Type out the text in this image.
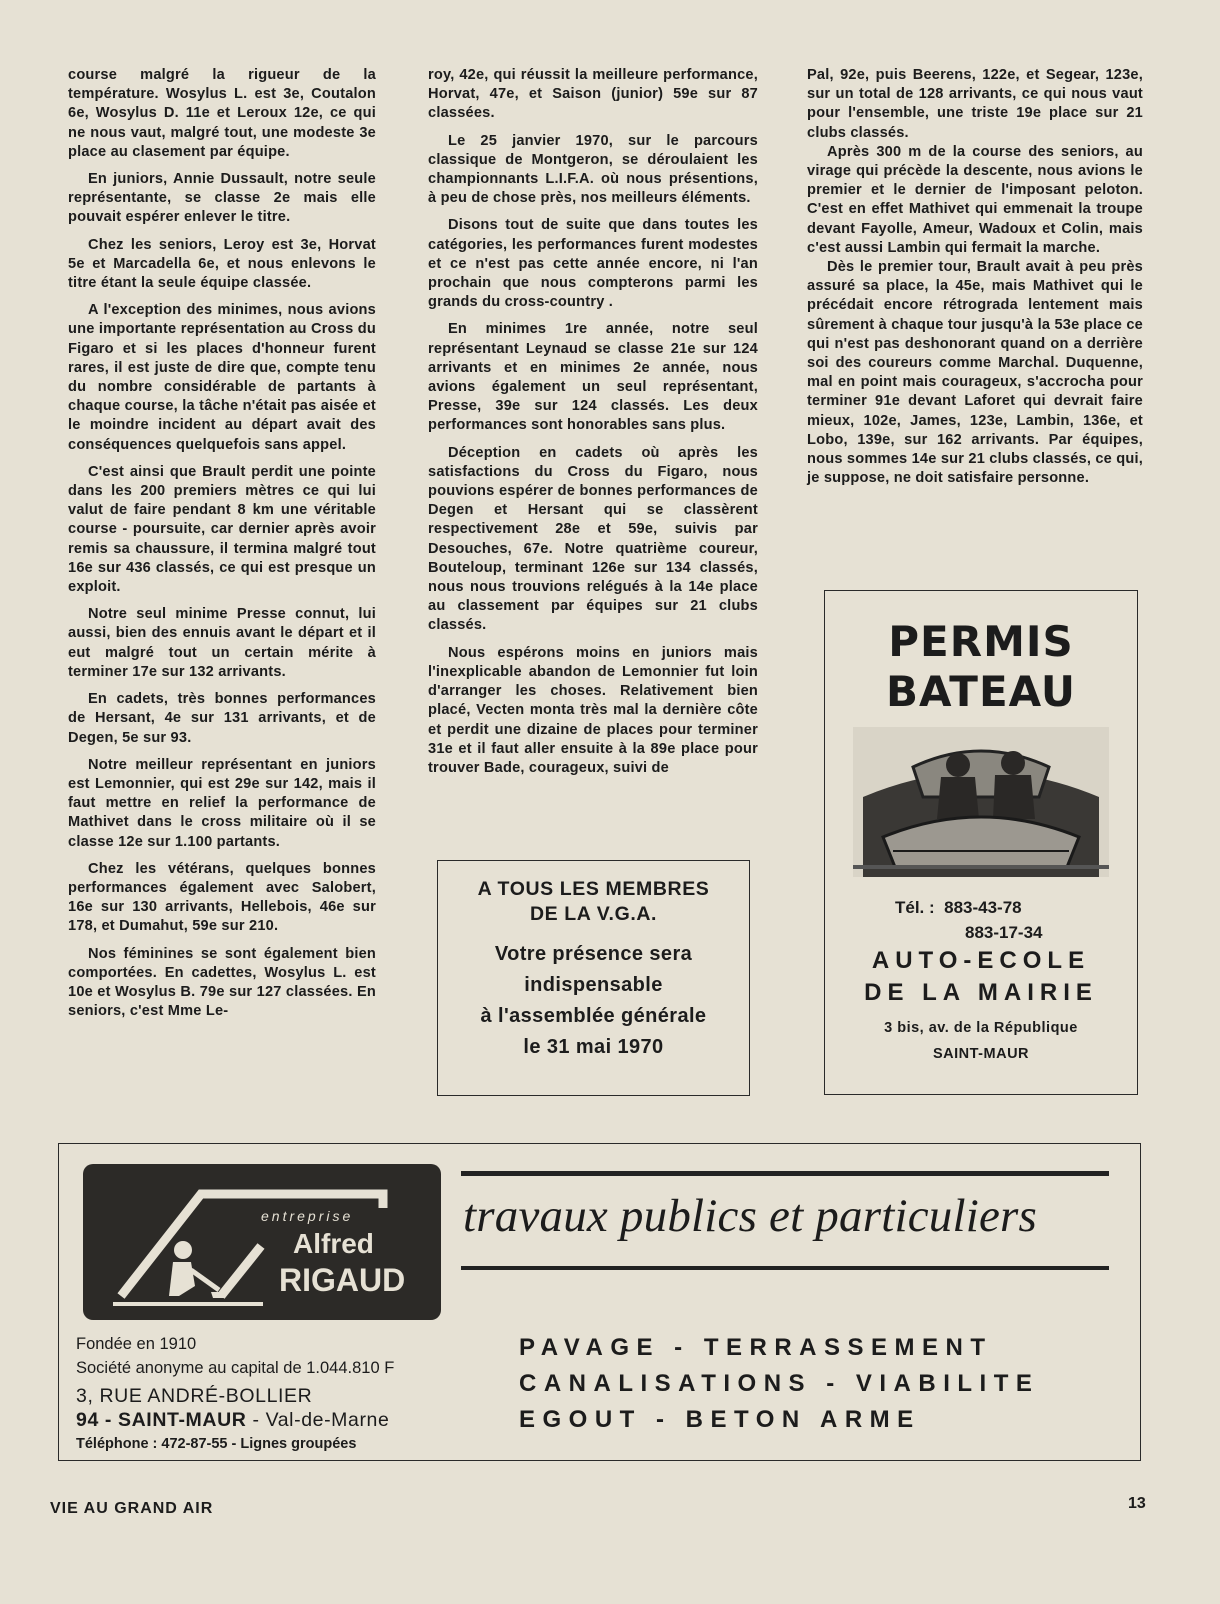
course malgré la rigueur de la température. Wosylus L. est 3e, Coutalon 6e, Wosylus D. 11e et Leroux 12e, ce qui ne nous vaut, malgré tout, une modeste 3e place au clasement par équipe.

En juniors, Annie Dussault, notre seule représentante, se classe 2e mais elle pouvait espérer enlever le titre.

Chez les seniors, Leroy est 3e, Horvat 5e et Marcadella 6e, et nous enlevons le titre étant la seule équipe classée.

A l'exception des minimes, nous avions une importante représentation au Cross du Figaro et si les places d'honneur furent rares, il est juste de dire que, compte tenu du nombre considérable de partants à chaque course, la tâche n'était pas aisée et le moindre incident au départ avait des conséquences quelquefois sans appel.

C'est ainsi que Brault perdit une pointe dans les 200 premiers mètres ce qui lui valut de faire pendant 8 km une véritable course - poursuite, car dernier après avoir remis sa chaussure, il termina malgré tout 16e sur 436 classés, ce qui est presque un exploit.

Notre seul minime Presse connut, lui aussi, bien des ennuis avant le départ et il eut malgré tout un certain mérite à terminer 17e sur 132 arrivants.

En cadets, très bonnes performances de Hersant, 4e sur 131 arrivants, et de Degen, 5e sur 93.

Notre meilleur représentant en juniors est Lemonnier, qui est 29e sur 142, mais il faut mettre en relief la performance de Mathivet dans le cross militaire où il se classe 12e sur 1.100 partants.

Chez les vétérans, quelques bonnes performances également avec Salobert, 16e sur 130 arrivants, Hellebois, 46e sur 178, et Dumahut, 59e sur 210.

Nos féminines se sont également bien comportées. En cadettes, Wosylus L. est 10e et Wosylus B. 79e sur 127 classées. En seniors, c'est Mme Le-

roy, 42e, qui réussit la meilleure performance, Horvat, 47e, et Saison (junior) 59e sur 87 classées.

Le 25 janvier 1970, sur le parcours classique de Montgeron, se déroulaient les championnants L.I.F.A. où nous présentions, à peu de chose près, nos meilleurs éléments.

Disons tout de suite que dans toutes les catégories, les performances furent modestes et ce n'est pas cette année encore, ni l'an prochain que nous compterons parmi les grands du cross-country .

En minimes 1re année, notre seul représentant Leynaud se classe 21e sur 124 arrivants et en minimes 2e année, nous avions également un seul représentant, Presse, 39e sur 124 classés. Les deux performances sont honorables sans plus.

Déception en cadets où après les satisfactions du Cross du Figaro, nous pouvions espérer de bonnes performances de Degen et Hersant qui se classèrent respectivement 28e et 59e, suivis par Desouches, 67e. Notre quatrième coureur, Bouteloup, terminant 126e sur 134 classés, nous nous trouvions relégués à la 14e place au classement par équipes sur 21 clubs classés.

Nous espérons moins en juniors mais l'inexplicable abandon de Lemonnier fut loin d'arranger les choses. Relativement bien placé, Vecten monta très mal la dernière côte et perdit une dizaine de places pour terminer 31e et il faut aller ensuite à la 89e place pour trouver Bade, courageux, suivi de

Pal, 92e, puis Beerens, 122e, et Segear, 123e, sur un total de 128 arrivants, ce qui nous vaut pour l'ensemble, une triste 19e place sur 21 clubs classés.

Après 300 m de la course des seniors, au virage qui précède la descente, nous avions le premier et le dernier de l'imposant peloton. C'est en effet Mathivet qui emmenait la troupe devant Fayolle, Ameur, Wadoux et Colin, mais c'est aussi Lambin qui fermait la marche.

Dès le premier tour, Brault avait à peu près assuré sa place, la 45e, mais Mathivet qui le précédait encore rétrograda lentement mais sûrement à chaque tour jusqu'à la 53e place ce qui n'est pas deshonorant quand on a derrière soi des coureurs comme Marchal. Duquenne, mal en point mais courageux, s'accrocha pour terminer 91e devant Laforet qui devrait faire mieux, 102e, James, 123e, Lambin, 136e, et Lobo, 139e, sur 162 arrivants. Par équipes, nous sommes 14e sur 21 clubs classés, ce qui, je suppose, ne doit satisfaire personne.

A TOUS LES MEMBRES
DE LA V.G.A.
Votre présence sera
indispensable
à l'assemblée générale
le 31 mai 1970
PERMIS
BATEAU
Tél. : 883-43-78
883-17-34
AUTO-ECOLE
DE LA MAIRIE
3 bis, av. de la République
SAINT-MAUR
entreprise
Alfred
RIGAUD
travaux publics et particuliers
Fondée en 1910
Société anonyme au capital de 1.044.810 F
3, RUE ANDRÉ-BOLLIER
94 - SAINT-MAUR - Val-de-Marne
Téléphone : 472-87-55 - Lignes groupées
PAVAGE - TERRASSEMENT
CANALISATIONS - VIABILITE
EGOUT - BETON ARME
VIE AU GRAND AIR	13
